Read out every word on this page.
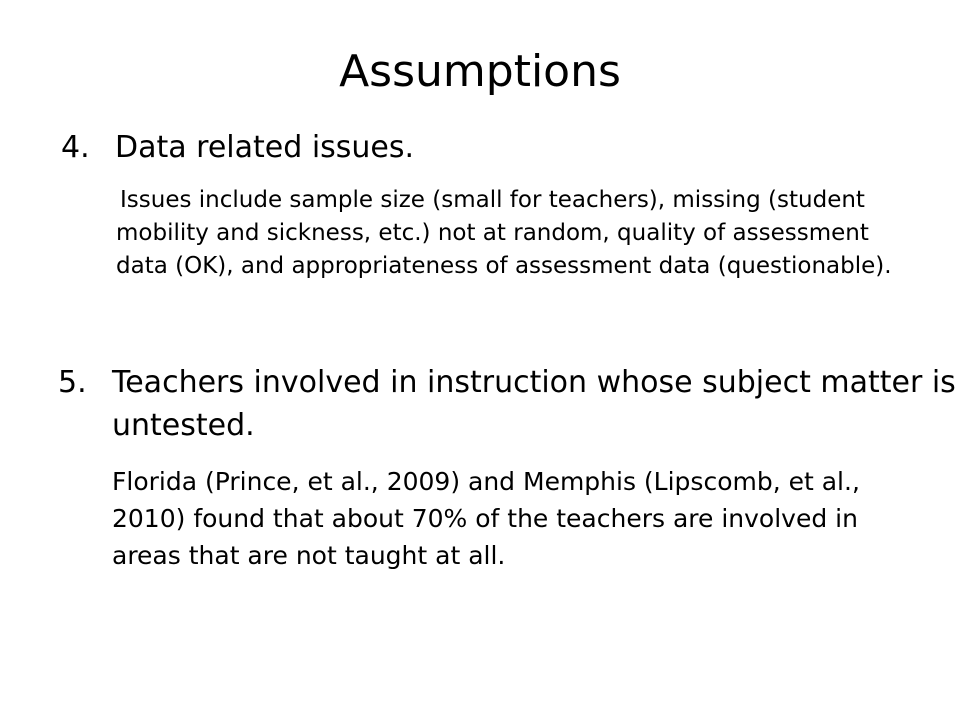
Assumptions
4. Data related issues.
Issues include sample size (small for teachers), missing (student mobility and sickness, etc.) not at random, quality of assessment data (OK), and appropriateness of assessment data (questionable).
5. Teachers involved in instruction whose subject matter is untested.
Florida (Prince, et al., 2009) and Memphis (Lipscomb, et al., 2010) found that about 70% of the teachers are involved in areas that are not taught at all.
